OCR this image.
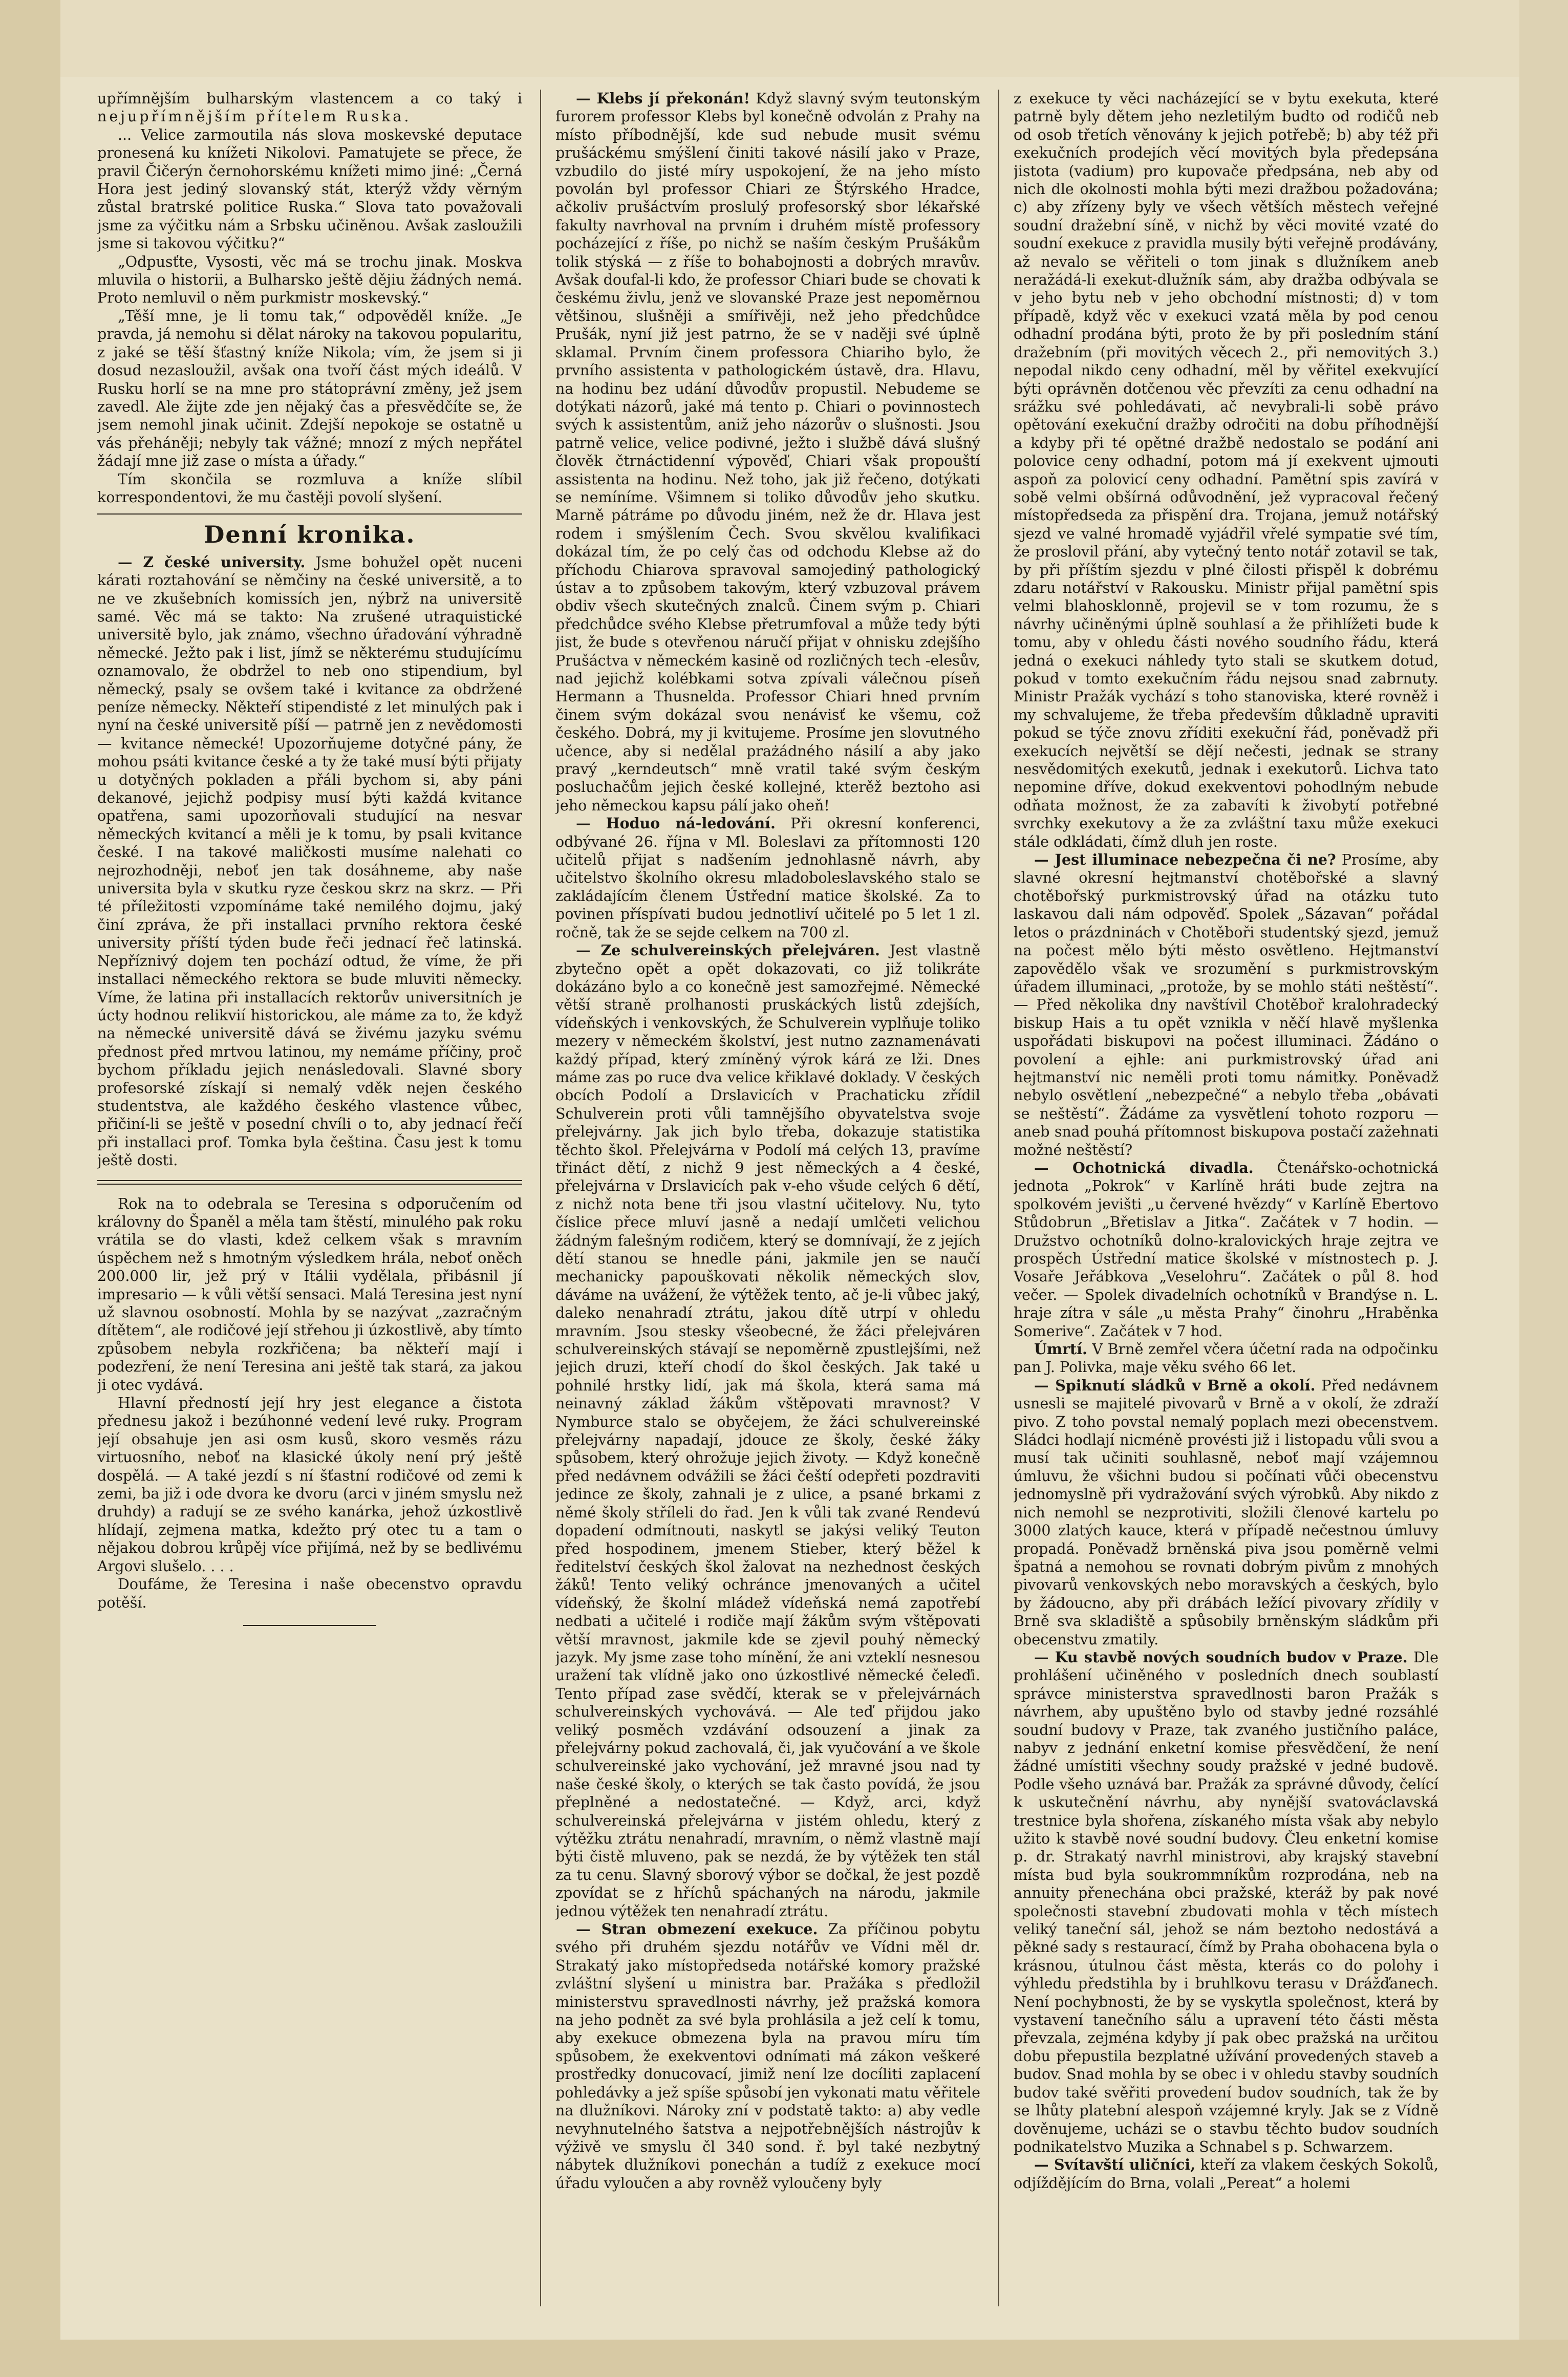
upřímnějším bulharským vlastencem a co taký i nejupřímnějším přítelem Ruska.

... Velice zarmoutila nás slova moskevské deputace pronesená ku knížeti Nikolovi. Pamatujete se přece, že pravil Čičerýn černohorskému knížeti mimo jiné: „Černá Hora jest jediný slovanský stát, kterýž vždy věrným zůstal bratrské politice Ruska.“ Slova tato považovali jsme za výčitku nám a Srbsku učiněnou. Avšak zasloužili jsme si takovou výčitku?“

„Odpusťte, Vysosti, věc má se trochu jinak. Moskva mluvila o historii, a Bulharsko ještě dějiu žádných nemá. Proto nemluvil o něm purkmistr moskevský.“

„Těší mne, je li tomu tak,“ odpověděl kníže. „Je pravda, já nemohu si dělat nároky na takovou popularitu, z jaké se těší šťastný kníže Nikola; vím, že jsem si ji dosud nezasloužil, avšak ona tvoří část mých ideálů. V Rusku horlí se na mne pro státoprávní změny, jež jsem zavedl. Ale žijte zde jen nějaký čas a přesvědčíte se, že jsem nemohl jinak učinit. Zdejší nepokoje se ostatně u vás přeháněji; nebyly tak vážné; mnozí z mých nepřátel žádají mne již zase o místa a úřady.“

Tím skončila se rozmluva a kníže slíbil korrespondentovi, že mu častěji povolí slyšení.

Denní kronika.

— Z české university. Jsme bohužel opět nuceni kárati roztahování se němčiny na české universitě, a to ne ve zkušebních komissích jen, nýbrž na universitě samé. Věc má se takto: Na zrušené utraquistické universitě bylo, jak známo, všechno úřadování výhradně německé. Ježto pak i list, jímž se některému studujícímu oznamovalo, že obdržel to neb ono stipendium, byl německý, psaly se ovšem také i kvitance za obdržené peníze německy. Někteří stipendisté z let minulých pak i nyní na české universitě píší — patrně jen z nevědomosti — kvitance německé! Upozorňujeme dotyčné pány, že mohou psáti kvitance české a ty že také musí býti přijaty u dotyčných pokladen a přáli bychom si, aby páni dekanové, jejichž podpisy musí býti každá kvitance opatřena, sami upozorňovali studující na nesvar německých kvitancí a měli je k tomu, by psali kvitance české. I na takové maličkosti musíme nalehati co nejrozhodněji, neboť jen tak dosáhneme, aby naše universita byla v skutku ryze českou skrz na skrz. — Při té příležitosti vzpomínáme také nemilého dojmu, jaký činí zpráva, že při installaci prvního rektora české university příští týden bude řeči jednací řeč latinská. Nepříznivý dojem ten pochází odtud, že víme, že při installaci německého rektora se bude mluviti německy. Víme, že latina při installacích rektorův universitních je úcty hodnou relikvií historickou, ale máme za to, že když na německé universitě dává se živému jazyku svému přednost před mrtvou latinou, my nemáme příčiny, proč bychom příkladu jejich nenásledovali. Slavné sbory profesorské získají si nemalý vděk nejen českého studentstva, ale každého českého vlastence vůbec, přičiní-li se ještě v posední chvíli o to, aby jednací řečí při installaci prof. Tomka byla čeština. Času jest k tomu ještě dosti.

Rok na to odebrala se Teresina s odporučením od královny do Španěl a měla tam štěstí, minulého pak roku vrátila se do vlasti, kdež celkem však s mravním úspěchem než s hmotným výsledkem hrála, neboť oněch 200.000 lir, jež prý v Itálii vydělala, přibásnil jí impresario — k vůli větší sensaci. Malá Teresina jest nyní už slavnou osobností. Mohla by se nazývat „zazračným dítětem“, ale rodičové její střehou ji úzkostlivě, aby tímto způsobem nebyla rozkřičena; ba někteří mají i podezření, že není Teresina ani ještě tak stará, za jakou ji otec vydává.

Hlavní předností její hry jest elegance a čistota přednesu jakož i bezúhonné vedení levé ruky. Program její obsahuje jen asi osm kusů, skoro vesměs rázu virtuosního, neboť na klasické úkoly není prý ještě dospělá. — A také jezdí s ní šťastní rodičové od zemi k zemi, ba již i ode dvora ke dvoru (arci v jiném smyslu než druhdy) a radují se ze svého kanárka, jehož úzkostlivě hlídají, zejmena matka, kdežto prý otec tu a tam o nějakou dobrou krůpěj více přijímá, než by se bedlivému Argovi slušelo. . . .

Doufáme, že Teresina i naše obecenstvo opravdu potěší.

— Klebs jí překonán! Když slavný svým teutonským furorem professor Klebs byl konečně odvolán z Prahy na místo příbodnější, kde sud nebude musit svému prušáckému smýšlení činiti takové násilí jako v Praze, vzbudilo do jisté míry uspokojení, že na jeho místo povolán byl professor Chiari ze Štýrského Hradce, ačkoliv prušáctvím proslulý profesorský sbor lékařské fakulty navrhoval na prvním i druhém místě professory pocházející z říše, po nichž se naším českým Prušákům tolik stýská — z říše to bohabojnosti a dobrých mravův. Avšak doufal-li kdo, že professor Chiari bude se chovati k českému živlu, jenž ve slovanské Praze jest nepoměrnou většinou, slušněji a smířivěji, než jeho předchůdce Prušák, nyní již jest patrno, že se v naději své úplně sklamal. Prvním činem professora Chiariho bylo, že prvního assistenta v pathologickém ústavě, dra. Hlavu, na hodinu bez udání důvodův propustil. Nebudeme se dotýkati názorů, jaké má tento p. Chiari o povinnostech svých k assistentům, aniž jeho názorův o slušnosti. Jsou patrně velice, velice podivné, ježto i službě dává slušný člověk čtrnáctidenní výpověď, Chiari však propouští assistenta na hodinu. Než toho, jak již řečeno, dotýkati se nemíníme. Všimnem si toliko důvodův jeho skutku. Marně pátráme po důvodu jiném, než že dr. Hlava jest rodem i smýšlením Čech. Svou skvělou kvalifikaci dokázal tím, že po celý čas od odchodu Klebse až do příchodu Chiarova spravoval samojediný pathologický ústav a to způsobem takovým, který vzbuzoval právem obdiv všech skutečných znalců. Činem svým p. Chiari předchůdce svého Klebse přetrumfoval a může tedy býti jist, že bude s otevřenou náručí přijat v ohnisku zdejšího Prušáctva v německém kasině od rozličných tech -elesův, nad jejichž kolébkami sotva zpívali válečnou píseň Hermann a Thusnelda. Professor Chiari hned prvním činem svým dokázal svou nenávisť ke všemu, což českého. Dobrá, my ji kvitujeme. Prosíme jen slovutného učence, aby si nedělal prażádného násilí a aby jako pravý „kerndeutsch“ mně vratil také svým českým posluchačům jejich české kollejné, kterěž beztoho asi jeho německou kapsu pálí jako oheň!

— Hoduo ná-ledování. Při okresní konferenci, odbývané 26. října v Ml. Boleslavi za přítomnosti 120 učitelů přijat s nadšením jednohlasně návrh, aby učitelstvo školního okresu mladoboleslavského stalo se zakládajícím členem Ústřední matice školské. Za to povinen příspívati budou jednotliví učitelé po 5 let 1 zl. ročně, tak že se sejde celkem na 700 zl.

— Ze schulvereinských přelejváren. Jest vlastně zbytečno opět a opět dokazovati, co již tolikráte dokázáno bylo a co konečně jest samozřejmé. Německé větší straně prolhanosti pruskáckých listů zdejších, vídeňských i venkovských, že Schulverein vyplňuje toliko mezery v německém školství, jest nutno zaznamenávati každý případ, který zmíněný výrok kárá ze lži. Dnes máme zas po ruce dva velice křiklavé doklady. V českých obcích Podolí a Drslavicích v Prachaticku zřídil Schulverein proti vůli tamnějšího obyvatelstva svoje přelejvárny. Jak jich bylo třeba, dokazuje statistika těchto škol. Přelejvárna v Podolí má celých 13, pravíme třináct dětí, z nichž 9 jest německých a 4 české, přelejvárna v Drslavicích pak v-eho všude celých 6 dětí, z nichž nota bene tři jsou vlastní učitelovy. Nu, tyto číslice přece mluví jasně a nedají umlčeti velichou žádným falešným rodičem, který se domnívají, že z jejích dětí stanou se hnedle páni, jakmile jen se naučí mechanicky papouškovati několik německých slov, dáváme na uvážení, že výtěžek tento, ač je-li vůbec jaký, daleko nenahradí ztrátu, jakou dítě utrpí v ohledu mravním. Jsou stesky všeobecné, že žáci přelejváren schulvereinských stávají se nepoměrně zpustlejšími, než jejich druzi, kteří chodí do škol českých. Jak také u pohnilé hrstky lidí, jak má škola, která sama má neinavný základ žákům vštěpovati mravnost? V Nymburce stalo se obyčejem, že žáci schulvereinské přelejvárny napadají, jdouce ze školy, české žáky spůsobem, který ohrožuje jejich životy. — Když konečně před nedávnem odvážili se žáci čeští odepřeti pozdraviti jedince ze školy, zahnali je z ulice, a psané brkami z němé školy stříleli do řad. Jen k vůli tak zvané Rendevú dopadení odmítnouti, naskytl se jakýsi veliký Teuton před hospodinem, jmenem Stieber, který běžel k ředitelství českých škol žalovat na nezhednost českých žáků! Tento veliký ochránce jmenovaných a učitel vídeňský, že školní mládež vídeňská nemá zapotřebí nedbati a učitelé i rodiče mají žákům svým vštěpovati větší mravnost, jakmile kde se zjevil pouhý německý jazyk. My jsme zase toho mínění, že ani vzteklí nesnesou uražení tak vlídně jako ono úzkostlivé německé čeleďi. Tento případ zase svědčí, kterak se v přelejvárnách schulvereinských vychovává. — Ale teď přijdou jako veliký posměch vzdávání odsouzení a jinak za přelejvárny pokud zachovalá, či, jak vyučování a ve škole schulvereinské jako vychování, jež mravné jsou nad ty naše české školy, o kterých se tak často povídá, že jsou přeplněné a nedostatečné. — Když, arci, když schulvereinská přelejvárna v jistém ohledu, který z výtěžku ztrátu nenahradí, mravním, o němž vlastně mají býti čistě mluveno, pak se nezdá, že by výtěžek ten stál za tu cenu. Slavný sborový výbor se dočkal, že jest pozdě zpovídat se z hříchů spáchaných na národu, jakmile jednou výtěžek ten nenahradí ztrátu.

— Stran obmezení exekuce. Za příčinou pobytu svého při druhém sjezdu notářův ve Vídni měl dr. Strakatý jako místopředseda notářské komory pražské zvláštní slyšení u ministra bar. Pražáka s předložil ministerstvu spravedlnosti návrhy, jež pražská komora na jeho podnět za své byla prohlásila a jež celí k tomu, aby exekuce obmezena byla na pravou míru tím spůsobem, že exekventovi odnímati má zákon veškeré prostředky donucovací, jimiž není lze docíliti zaplacení pohledávky a jež spíše spůsobí jen vykonati matu věřitele na dlužníkovi. Nároky zní v podstatě takto: a) aby vedle nevyhnutelného šatstva a nejpotřebnějších nástrojův k výživě ve smyslu čl 340 sond. ř. byl také nezbytný nábytek dlužníkovi ponechán a tudíž z exekuce mocí úřadu vyloučen a aby rovněž vyloučeny byly

z exekuce ty věci nacházející se v bytu exekuta, které patrně byly dětem jeho nezletilým budto od rodičů neb od osob třetích věnovány k jejich potřebě; b) aby též při exekučních prodejích věcí movitých byla předepsána jistota (vadium) pro kupovače předpsána, neb aby od nich dle okolnosti mohla býti mezi dražbou požadována; c) aby zřízeny byly ve všech větších městech veřejné soudní dražební síně, v nichž by věci movité vzaté do soudní exekuce z pravidla musily býti veřejně prodávány, až nevalo se věřiteli o tom jinak s dlužníkem aneb neražádá-li exekut-dlužník sám, aby dražba odbývala se v jeho bytu neb v jeho obchodní místnosti; d) v tom případě, když věc v exekuci vzatá měla by pod cenou odhadní prodána býti, proto že by při posledním stání dražebním (při movitých věcech 2., při nemovitých 3.) nepodal nikdo ceny odhadní, měl by věřitel exekvující býti oprávněn dotčenou věc převzíti za cenu odhadní na srážku své pohledávati, ač nevybrali-li sobě právo opětování exekuční dražby odročiti na dobu příhodnější a kdyby při té opětné dražbě nedostalo se podání ani polovice ceny odhadní, potom má jí exekvent ujmouti aspoň za polovicí ceny odhadní. Pamětní spis zavírá v sobě velmi obšírná odůvodnění, jež vypracoval řečený místopředseda za přispění dra. Trojana, jemuž notářský sjezd ve valné hromadě vyjádřil vřelé sympatie své tím, že proslovil přání, aby vytečný tento notář zotavil se tak, by při příštím sjezdu v plné čilosti přispěl k dobrému zdaru notářství v Rakousku. Ministr přijal pamětní spis velmi blahosklonně, projevil se v tom rozumu, že s návrhy učiněnými úplně souhlasí a že přihlížeti bude k tomu, aby v ohledu části nového soudního řádu, která jedná o exekuci náhledy tyto stali se skutkem dotud, pokud v tomto exekučním řádu nejsou snad zabrnuty. Ministr Pražák vychází s toho stanoviska, které rovněž i my schvalujeme, že třeba především důkladně upraviti pokud se týče znovu zříditi exekuční řád, poněvadž při exekucích největší se dějí nečesti, jednak se strany nesvědomitých exekutů, jednak i exekutorů. Lichva tato nepomine dříve, dokud exekventovi pohodlným nebude odňata možnost, že za zabavíti k živobytí potřebné svrchky exekutovy a že za zvláštní taxu může exekuci stále odkládati, čímž dluh jen roste.

— Jest illuminace nebezpečna či ne? Prosíme, aby slavné okresní hejtmanství chotěbořské a slavný chotěbořský purkmistrovský úřad na otázku tuto laskavou dali nám odpověď. Spolek „Sázavan“ pořádal letos o prázdninách v Chotěboři studentský sjezd, jemuž na počest mělo býti město osvětleno. Hejtmanství zapovědělo však ve srozumění s purkmistrovským úřadem illuminaci, „protože, by se mohlo státi neštěstí“. — Před několika dny navštívil Chotěboř kralohradecký biskup Hais a tu opět vznikla v něčí hlavě myšlenka uspořádati biskupovi na počest illuminaci. Žádáno o povolení a ejhle: ani purkmistrovský úřad ani hejtmanství nic neměli proti tomu námitky. Poněvadž nebylo osvětlení „nebezpečné“ a nebylo třeba „obávati se neštěstí“. Žádáme za vysvětlení tohoto rozporu — aneb snad pouhá přítomnost biskupova postačí zažehnati možné neštěstí?

— Ochotnická divadla. Čtenářsko-ochotnická jednota „Pokrok“ v Karlíně hráti bude zejtra na spolkovém jevišti „u červené hvězdy“ v Karlíně Ebertovo Stůdobrun „Břetislav a Jitka“. Začátek v 7 hodin. — Družstvo ochotníků dolno-kralovických hraje zejtra ve prospěch Ústřední matice školské v místnostech p. J. Vosaře Jeřábkova „Veselohru“. Začátek o půl 8. hod večer. — Spolek divadelních ochotníků v Brandýse n. L. hraje zítra v sále „u města Prahy“ činohru „Hraběnka Somerive“. Začátek v 7 hod.

Úmrtí. V Brně zemřel včera účetní rada na odpočinku pan J. Polivka, maje věku svého 66 let.

— Spiknutí sládků v Brně a okolí. Před nedávnem usnesli se majitelé pivovarů v Brně a v okolí, že zdraží pivo. Z toho povstal nemalý poplach mezi obecenstvem. Sládci hodlají nicméně provésti již i listopadu vůli svou a musí tak učiniti souhlasně, neboť mají vzájemnou úmluvu, že všichni budou si počínati vůči obecenstvu jednomyslně při vydražování svých výrobků. Aby nikdo z nich nemohl se nezprotiviti, složili členové kartelu po 3000 zlatých kauce, která v případě nečestnou úmluvy propadá. Poněvadž brněnská piva jsou poměrně velmi špatná a nemohou se rovnati dobrým pivům z mnohých pivovarů venkovských nebo moravských a českých, bylo by žádoucno, aby při drábách ležící pivovary zřídily v Brně sva skladiště a spůsobily brněnským sládkům při obecenstvu zmatily.

— Ku stavbě nových soudních budov v Praze. Dle prohlášení učiněného v posledních dnech soublastí správce ministerstva spravedlnosti baron Pražák s návrhem, aby upuštěno bylo od stavby jedné rozsáhlé soudní budovy v Praze, tak zvaného justičního paláce, nabyv z jednání enketní komise přesvědčení, že není žádné umístiti všechny soudy pražské v jedné budově. Podle všeho uznává bar. Pražák za správné důvody, čelící k uskutečnění návrhu, aby nynější svatováclavská trestnice byla shořena, získaného místa však aby nebylo užito k stavbě nové soudní budovy. Čleu enketní komise p. dr. Strakatý navrhl ministrovi, aby krajský stavební místa bud byla soukrommníkům rozprodána, neb na annuity přenechána obci pražské, kteráž by pak nové společnosti stavební zbudovati mohla v těch místech veliký taneční sál, jehož se nám beztoho nedostává a pěkné sady s restaurací, čímž by Praha obohacena byla o krásnou, útulnou část města, kterás co do polohy i výhledu předstihla by i bruhlkovu terasu v Drážďanech. Není pochybnosti, že by se vyskytla společnost, která by vystavení tanečního sálu a upravení této části města převzala, zejména kdyby jí pak obec pražská na určitou dobu přepustila bezplatné užívání provedených staveb a budov. Snad mohla by se obec i v ohledu stavby soudních budov také svěřiti provedení budov soudních, tak že by se lhůty platební alespoň vzájemné kryly. Jak se z Vídně dověnujeme, ucházi se o stavbu těchto budov soudních podnikatelstvo Muzika a Schnabel s p. Schwarzem.

— Svítavští uličníci, kteří za vlakem českých Sokolů, odjíždějícím do Brna, volali „Pereat“ a holemi
